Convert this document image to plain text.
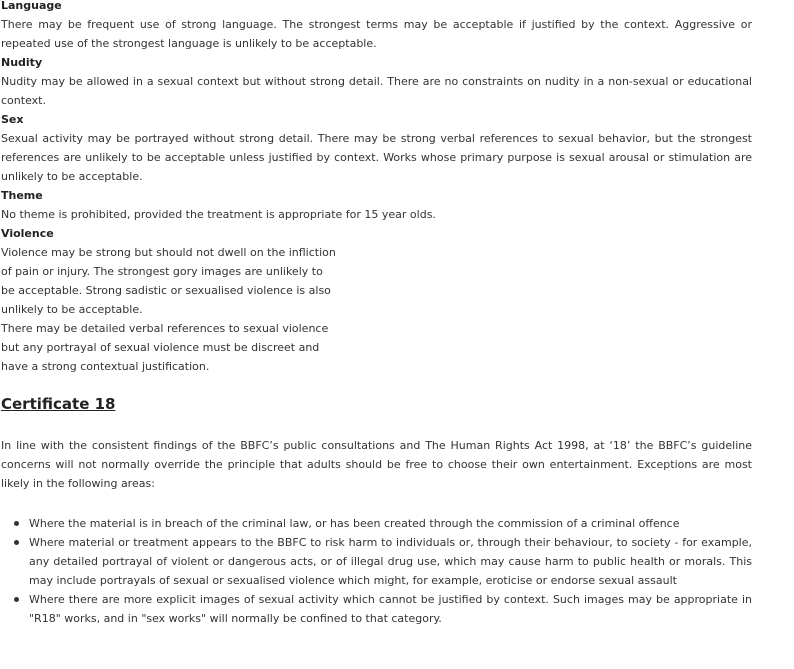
Language
There may be frequent use of strong language. The strongest terms may be acceptable if justified by the context. Aggressive or repeated use of the strongest language is unlikely to be acceptable.
Nudity
Nudity may be allowed in a sexual context but without strong detail. There are no constraints on nudity in a non-sexual or educational context.
Sex
Sexual activity may be portrayed without strong detail. There may be strong verbal references to sexual behavior, but the strongest references are unlikely to be acceptable unless justified by context. Works whose primary purpose is sexual arousal or stimulation are unlikely to be acceptable.
Theme
No theme is prohibited, provided the treatment is appropriate for 15 year olds.
Violence
Violence may be strong but should not dwell on the infliction
of pain or injury. The strongest gory images are unlikely to
be acceptable. Strong sadistic or sexualised violence is also
unlikely to be acceptable.
There may be detailed verbal references to sexual violence
but any portrayal of sexual violence must be discreet and
have a strong contextual justification.
Certificate 18
In line with the consistent findings of the BBFC’s public consultations and The Human Rights Act 1998, at ‘18’ the BBFC’s guideline concerns will not normally override the principle that adults should be free to choose their own entertainment. Exceptions are most likely in the following areas:
Where the material is in breach of the criminal law, or has been created through the commission of a criminal offence
Where material or treatment appears to the BBFC to risk harm to individuals or, through their behaviour, to society - for example, any detailed portrayal of violent or dangerous acts, or of illegal drug use, which may cause harm to public health or morals. This may include portrayals of sexual or sexualised violence which might, for example, eroticise or endorse sexual assault
Where there are more explicit images of sexual activity which cannot be justified by context. Such images may be appropriate in "R18" works, and in "sex works" will normally be confined to that category.
